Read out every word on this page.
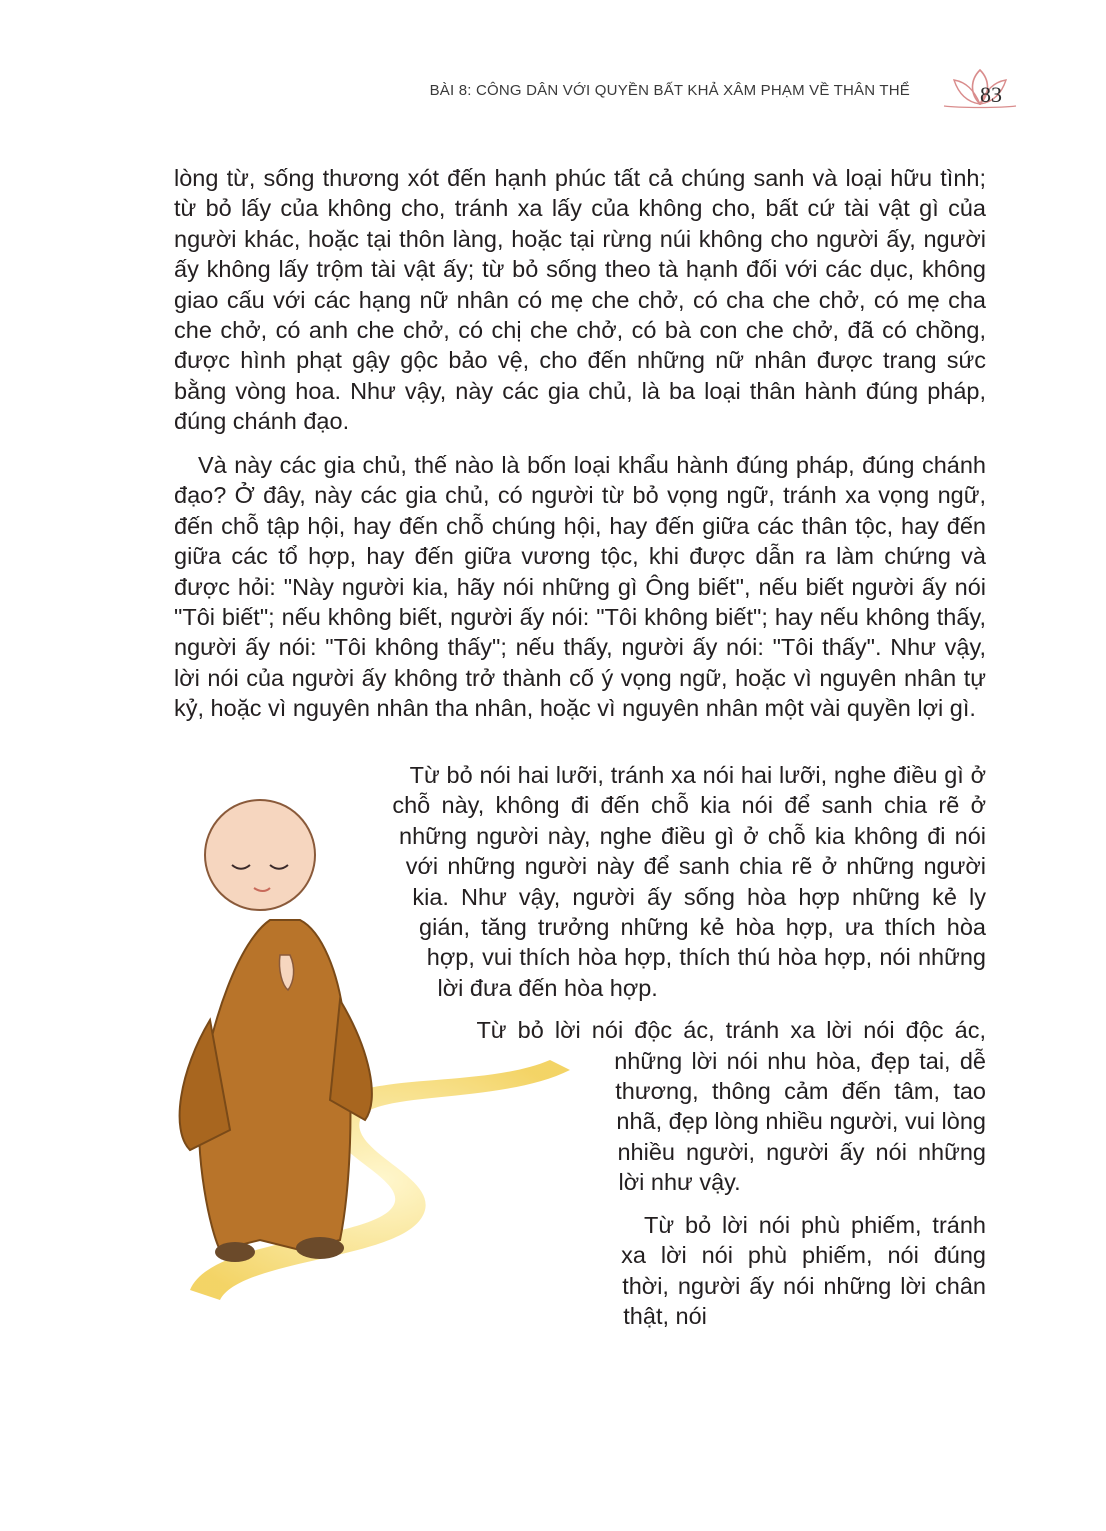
BÀI 8: CÔNG DÂN VỚI QUYỀN BẤT KHẢ XÂM PHẠM VỀ THÂN THỂ	83

lòng từ, sống thương xót đến hạnh phúc tất cả chúng sanh và loại hữu tình; từ bỏ lấy của không cho, tránh xa lấy của không cho, bất cứ tài vật gì của người khác, hoặc tại thôn làng, hoặc tại rừng núi không cho người ấy, người ấy không lấy trộm tài vật ấy; từ bỏ sống theo tà hạnh đối với các dục, không giao cấu với các hạng nữ nhân có mẹ che chở, có cha che chở, có mẹ cha che chở, có anh che chở, có chị che chở, có bà con che chở, đã có chồng, được hình phạt gậy gộc bảo vệ, cho đến những nữ nhân được trang sức bằng vòng hoa. Như vậy, này các gia chủ, là ba loại thân hành đúng pháp, đúng chánh đạo.

Và này các gia chủ, thế nào là bốn loại khẩu hành đúng pháp, đúng chánh đạo? Ở đây, này các gia chủ, có người từ bỏ vọng ngữ, tránh xa vọng ngữ, đến chỗ tập hội, hay đến chỗ chúng hội, hay đến giữa các thân tộc, hay đến giữa các tổ hợp, hay đến giữa vương tộc, khi được dẫn ra làm chứng và được hỏi: "Này người kia, hãy nói những gì Ông biết", nếu biết người ấy nói "Tôi biết"; nếu không biết, người ấy nói: "Tôi không biết"; hay nếu không thấy, người ấy nói: "Tôi không thấy"; nếu thấy, người ấy nói: "Tôi thấy". Như vậy, lời nói của người ấy không trở thành cố ý vọng ngữ, hoặc vì nguyên nhân tự kỷ, hoặc vì nguyên nhân tha nhân, hoặc vì nguyên nhân một vài quyền lợi gì.

Từ bỏ nói hai lưỡi, tránh xa nói hai lưỡi, nghe điều gì ở chỗ này, không đi đến chỗ kia nói để sanh chia rẽ ở những người này, nghe điều gì ở chỗ kia không đi nói với những người này để sanh chia rẽ ở những người kia. Như vậy, người ấy sống hòa hợp những kẻ ly gián, tăng trưởng những kẻ hòa hợp, ưa thích hòa hợp, vui thích hòa hợp, thích thú hòa hợp, nói những lời đưa đến hòa hợp.

Từ bỏ lời nói độc ác, tránh xa lời nói độc ác, những lời nói nhu hòa, đẹp tai, dễ thương, thông cảm đến tâm, tao nhã, đẹp lòng nhiều người, vui lòng nhiều người, người ấy nói những lời như vậy.

Từ bỏ lời nói phù phiếm, tránh xa lời nói phù phiếm, nói đúng thời, người ấy nói những lời chân thật, nói
